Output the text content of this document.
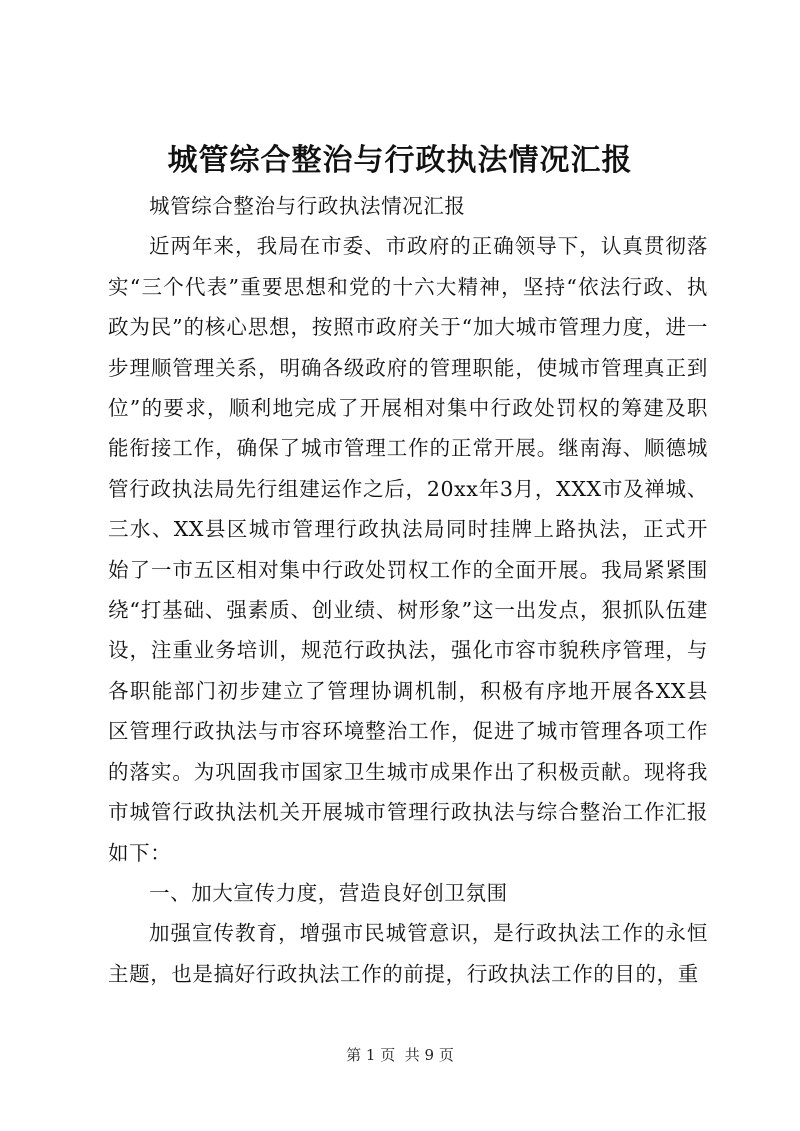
城管综合整治与行政执法情况汇报

城管综合整治与行政执法情况汇报

近两年来，我局在市委、市政府的正确领导下，认真贯彻落实“三个代表”重要思想和党的十六大精神，坚持“依法行政、执政为民”的核心思想，按照市政府关于“加大城市管理力度，进一步理顺管理关系，明确各级政府的管理职能，使城市管理真正到位”的要求，顺利地完成了开展相对集中行政处罚权的筹建及职能衔接工作，确保了城市管理工作的正常开展。继南海、顺德城管行政执法局先行组建运作之后，20xx年3月，XXX市及禅城、三水、XX县区城市管理行政执法局同时挂牌上路执法，正式开始了一市五区相对集中行政处罚权工作的全面开展。我局紧紧围绕“打基础、强素质、创业绩、树形象”这一出发点，狠抓队伍建设，注重业务培训，规范行政执法，强化市容市貌秩序管理，与各职能部门初步建立了管理协调机制，积极有序地开展各XX县区管理行政执法与市容环境整治工作，促进了城市管理各项工作的落实。为巩固我市国家卫生城市成果作出了积极贡献。现将我市城管行政执法机关开展城市管理行政执法与综合整治工作汇报如下：

一、加大宣传力度，营造良好创卫氛围

加强宣传教育，增强市民城管意识，是行政执法工作的永恒主题，也是搞好行政执法工作的前提，行政执法工作的目的，重

第 1 页  共 9 页
